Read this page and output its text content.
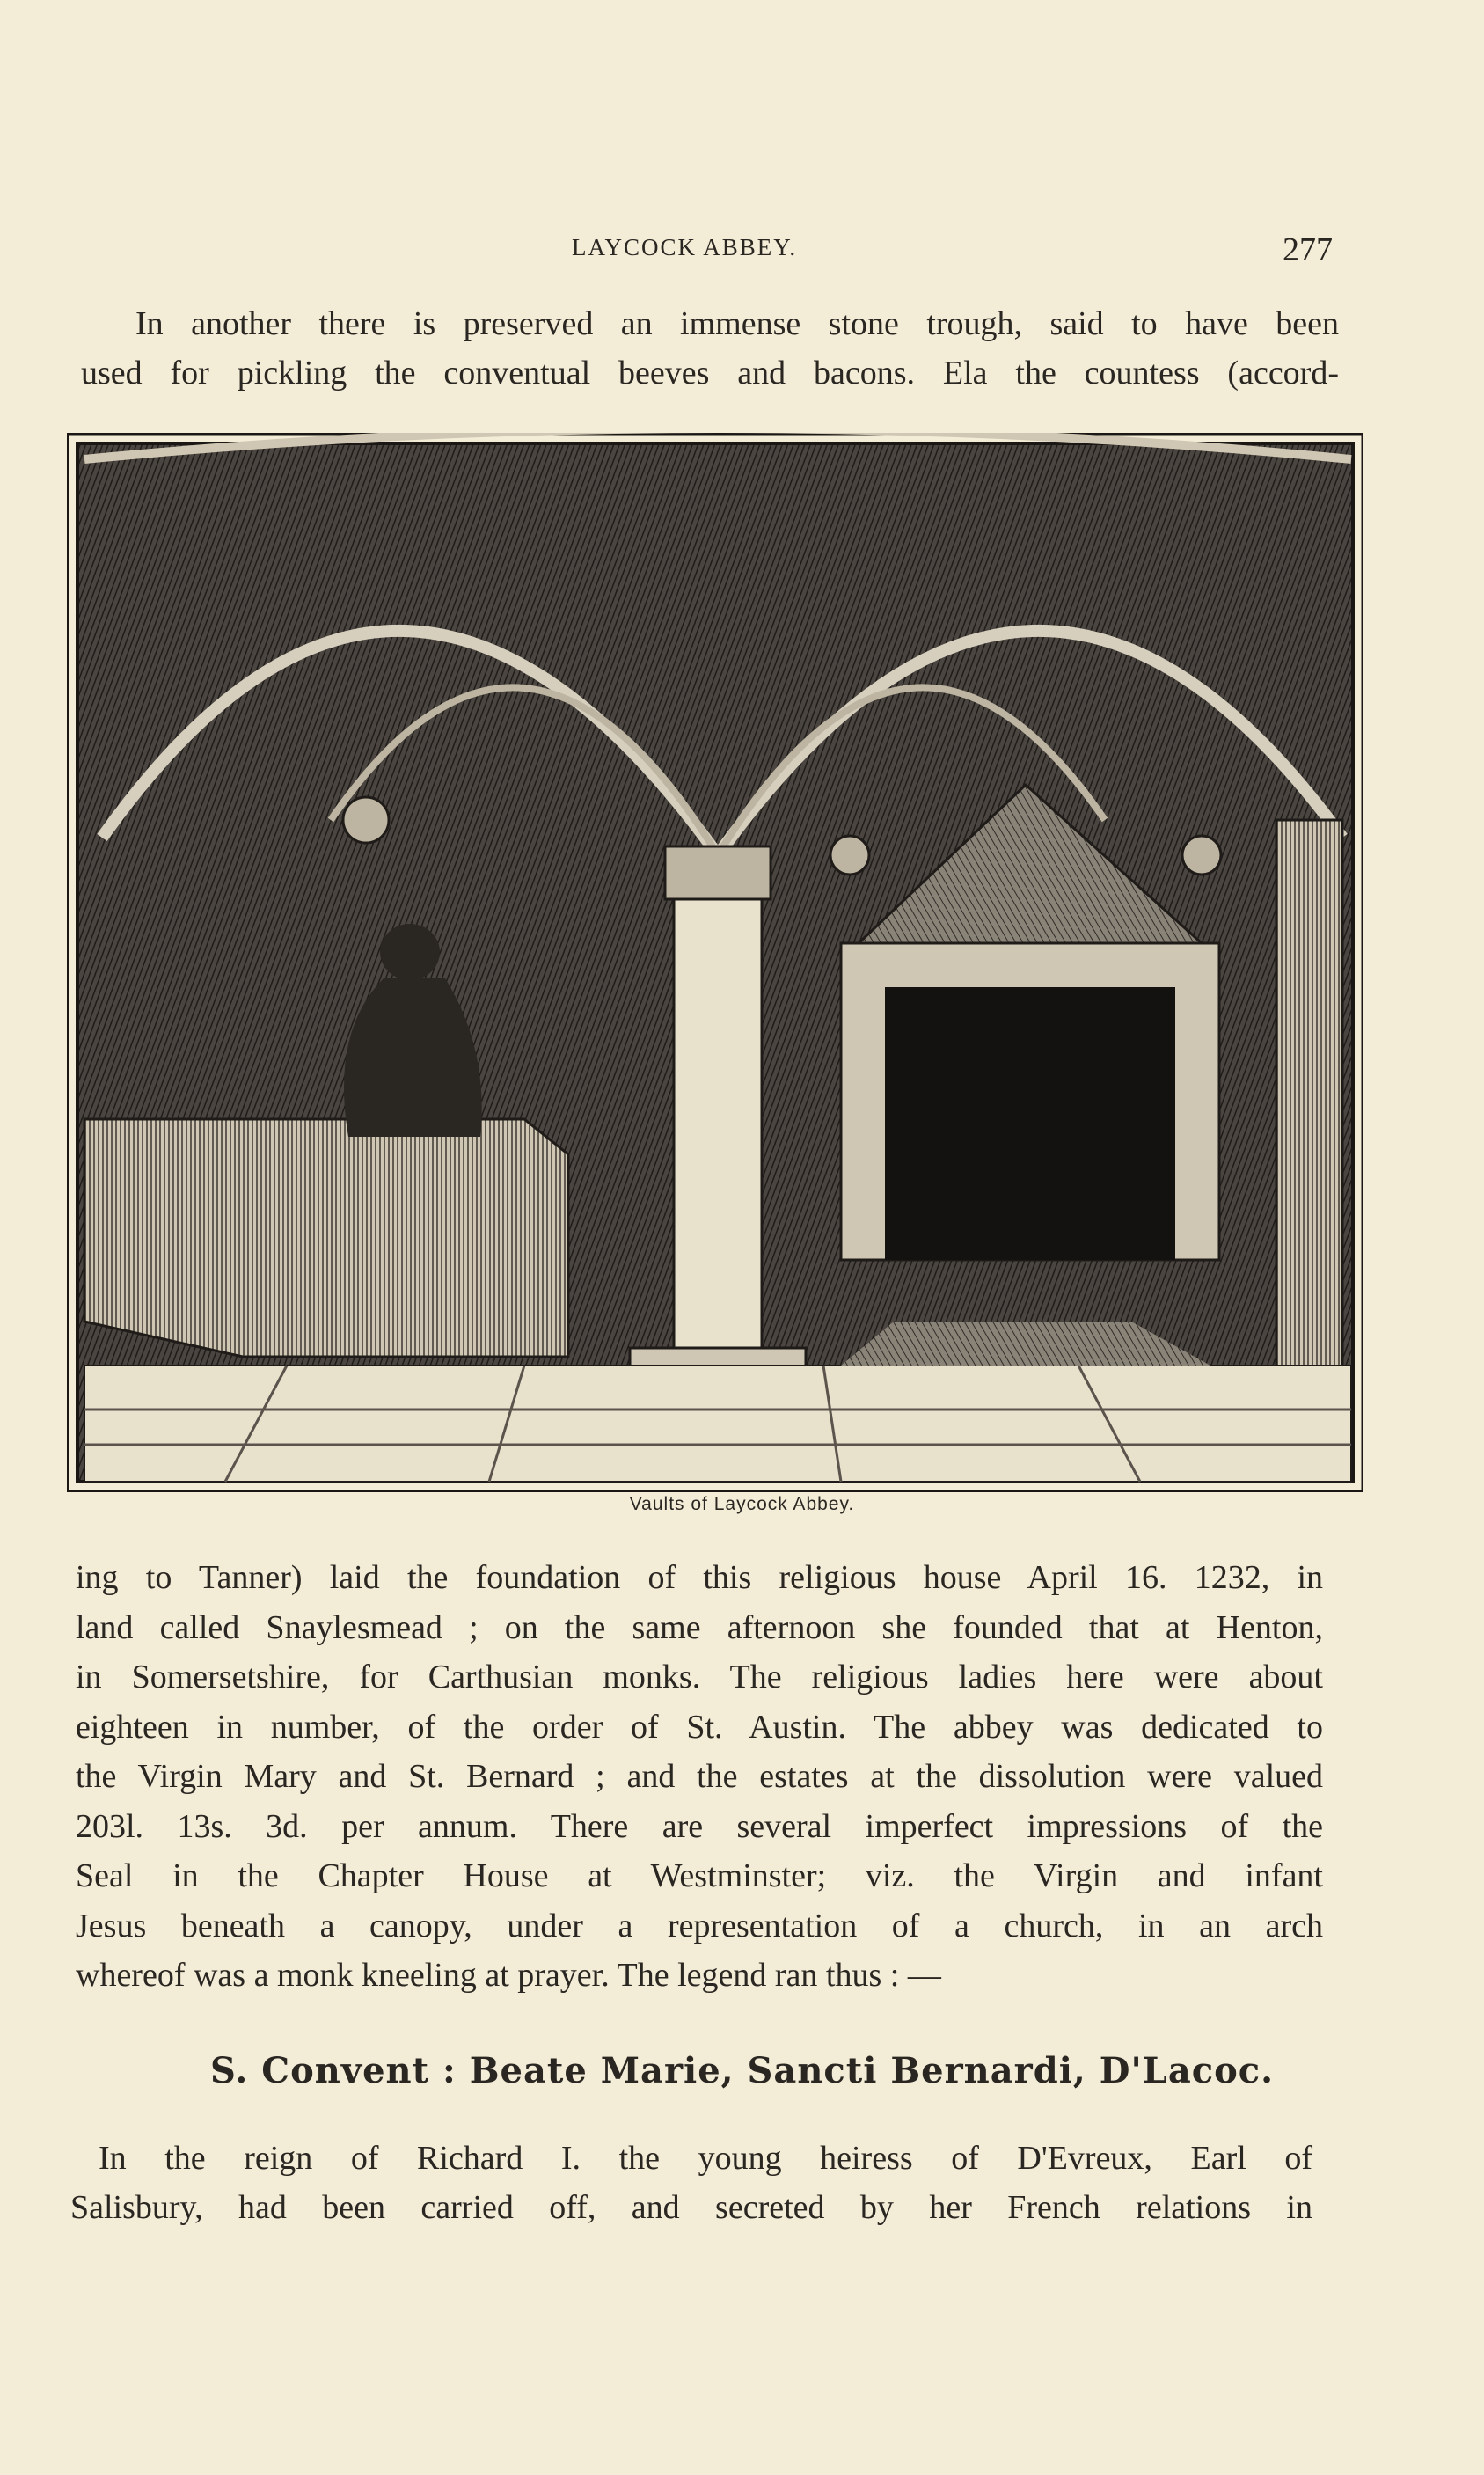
LAYCOCK ABBEY.	277
In another there is preserved an immense stone trough, said to have been
used for pickling the conventual beeves and bacons. Ela the countess (accord-
Vaults of Laycock Abbey.
ing to Tanner) laid the foundation of this religious house April 16. 1232, in
land called Snaylesmead ; on the same afternoon she founded that at Henton,
in Somersetshire, for Carthusian monks. The religious ladies here were about
eighteen in number, of the order of St. Austin. The abbey was dedicated to
the Virgin Mary and St. Bernard ; and the estates at the dissolution were valued
203l. 13s. 3d. per annum. There are several imperfect impressions of the
Seal in the Chapter House at Westminster; viz. the Virgin and infant
Jesus beneath a canopy, under a representation of a church, in an arch
whereof was a monk kneeling at prayer. The legend ran thus : —
S. Convent : Beate Marie, Sancti Bernardi, D'Lacoc.
In the reign of Richard I. the young heiress of D'Evreux, Earl of
Salisbury, had been carried off, and secreted by her French relations in
